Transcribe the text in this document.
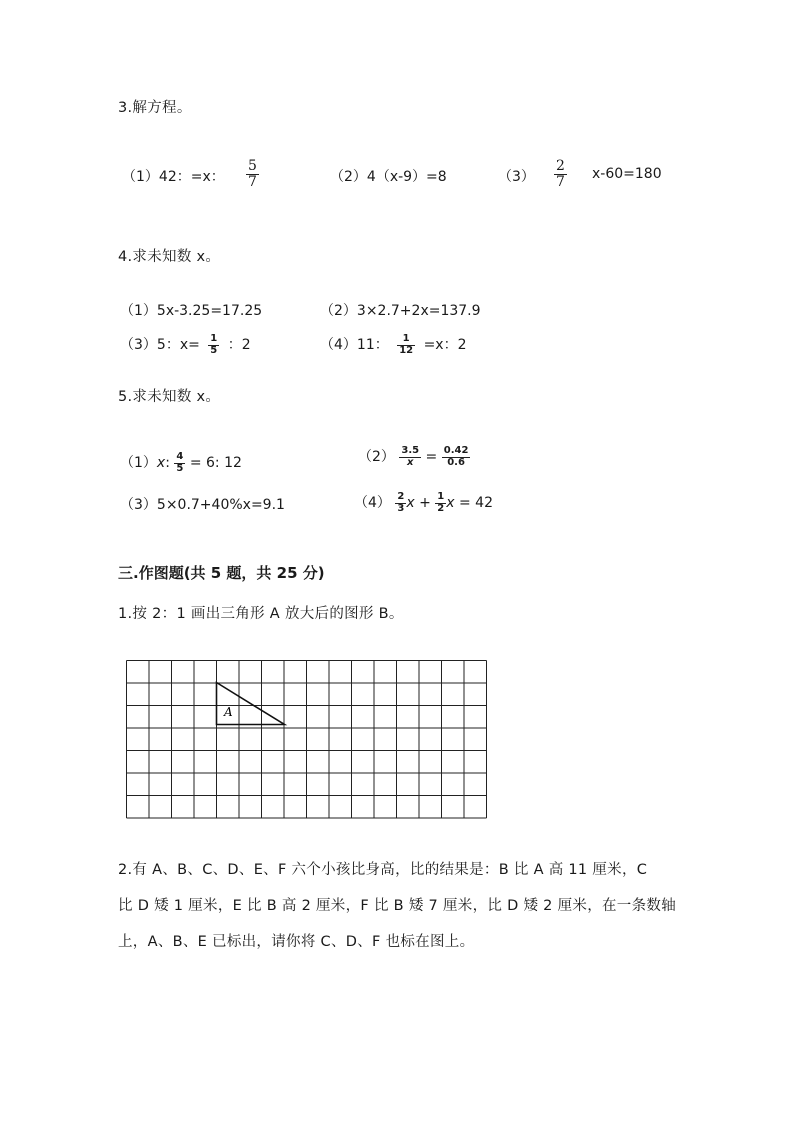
3.解方程。
（1）42：=x： $\frac{5}{7}$	（2）4（x-9）=8	$(3) \frac{2}{7} x-60=180$
4.求未知数 x。
（1）5x-3.25=17.25	（2）3×2.7+2x=137.9
（3）5：$x= \frac{1}{5}$ ：2	（4）11： $\frac{1}{12} =x$：2
5.求未知数 x。
（1）x: $\frac{4}{5} = 6$: 12	$(2) \frac{3.5}{x} = \frac{0.42}{0.6}$
（3）5×0.7+40%x=9.1	$(4) \frac{2}{3}$ $x + \frac{1}{2}$ x = 42
三.作图题(共 5 题，共 25 分)
1.按 2：1 画出三角形 A 放大后的图形 B。
A
2.有 A、B、C、D、E、F 六个小孩比身高，比的结果是：B 比 A 高 11 厘米，C
比 D 矮 1 厘米，E 比 B 高 2 厘米，F 比 B 矮 7 厘米，比 D 矮 2 厘米，在一条数轴
上，A、B、E 已标出，请你将 C、D、F 也标在图上。
